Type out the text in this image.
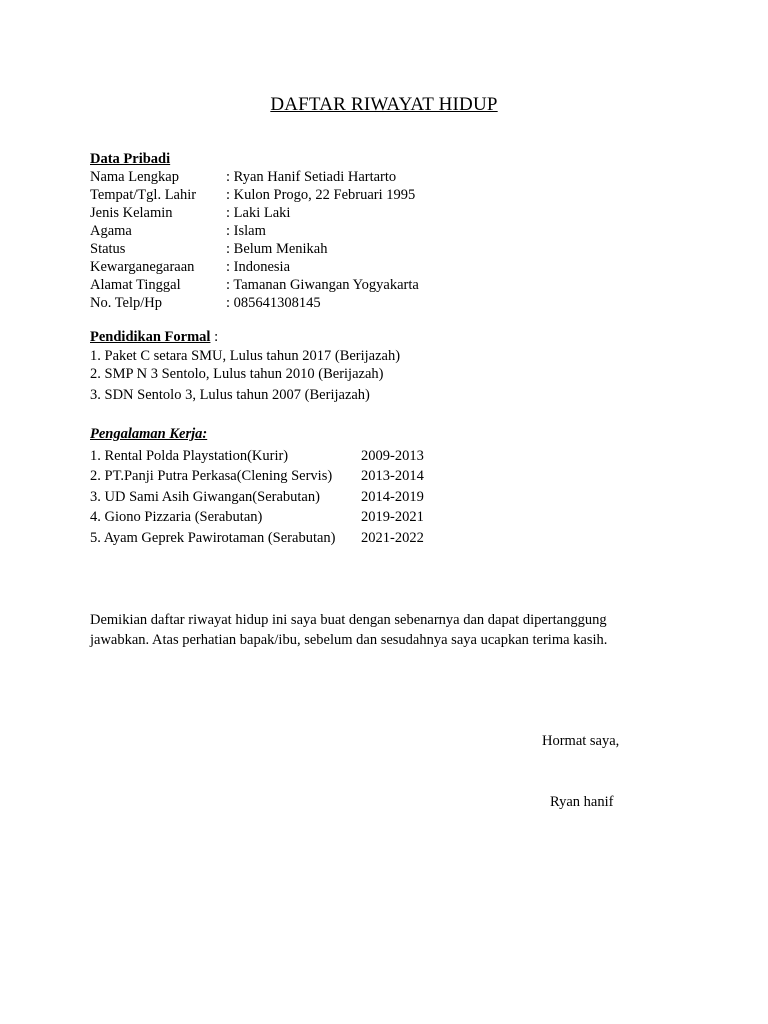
DAFTAR RIWAYAT HIDUP
Data Pribadi
Nama Lengkap	: Ryan Hanif Setiadi Hartarto
Tempat/Tgl. Lahir : Kulon Progo, 22 Februari 1995
Jenis Kelamin	: Laki Laki
Agama	: Islam
Status	: Belum Menikah
Kewarganegaraan : Indonesia
Alamat Tinggal	: Tamanan Giwangan Yogyakarta
No. Telp/Hp	: 085641308145
Pendidikan Formal :
1. Paket C setara SMU, Lulus tahun 2017 (Berijazah)
2. SMP N 3 Sentolo, Lulus tahun 2010 (Berijazah)
3. SDN Sentolo 3, Lulus tahun 2007 (Berijazah)
Pengalaman Kerja:
1. Rental Polda Playstation(Kurir)	2009-2013
2. PT.Panji Putra Perkasa(Clening Servis) 2013-2014
3. UD Sami Asih Giwangan(Serabutan)	2014-2019
4. Giono Pizzaria (Serabutan)	2019-2021
5. Ayam Geprek Pawirotaman (Serabutan) 2021-2022

Demikian daftar riwayat hidup ini saya buat dengan sebenarnya dan dapat dipertanggung

jawabkan. Atas perhatian bapak/ibu, sebelum dan sesudahnya saya ucapkan terima kasih.

Hormat saya,
Ryan hanif
